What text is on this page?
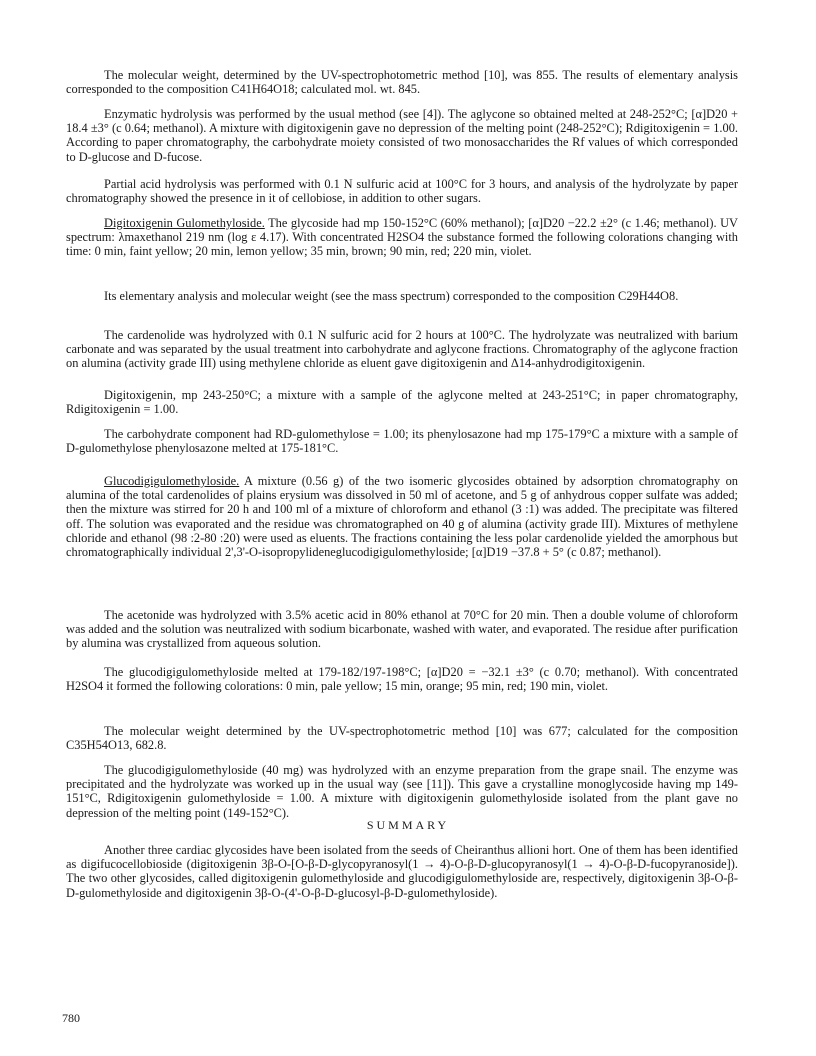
The molecular weight, determined by the UV-spectrophotometric method [10], was 855. The results of elementary analysis corresponded to the composition C41H64O18; calculated mol. wt. 845.

Enzymatic hydrolysis was performed by the usual method (see [4]). The aglycone so obtained melted at 248-252°C; [α]D20 + 18.4 ±3° (c 0.64; methanol). A mixture with digitoxigenin gave no depression of the melting point (248-252°C); Rdigitoxigenin = 1.00. According to paper chromatography, the carbohydrate moiety consisted of two monosaccharides the Rf values of which corresponded to D-glucose and D-fucose.

Partial acid hydrolysis was performed with 0.1 N sulfuric acid at 100°C for 3 hours, and analysis of the hydrolyzate by paper chromatography showed the presence in it of cellobiose, in addition to other sugars.

Digitoxigenin Gulomethyloside. The glycoside had mp 150-152°C (60% methanol); [α]D20 −22.2 ±2° (c 1.46; methanol). UV spectrum: λmaxethanol 219 nm (log ε 4.17). With concentrated H2SO4 the substance formed the following colorations changing with time: 0 min, faint yellow; 20 min, lemon yellow; 35 min, brown; 90 min, red; 220 min, violet.

Its elementary analysis and molecular weight (see the mass spectrum) corresponded to the composition C29H44O8.

The cardenolide was hydrolyzed with 0.1 N sulfuric acid for 2 hours at 100°C. The hydrolyzate was neutralized with barium carbonate and was separated by the usual treatment into carbohydrate and aglycone fractions. Chromatography of the aglycone fraction on alumina (activity grade III) using methylene chloride as eluent gave digitoxigenin and Δ14-anhydrodigitoxigenin.

Digitoxigenin, mp 243-250°C; a mixture with a sample of the aglycone melted at 243-251°C; in paper chromatography, Rdigitoxigenin = 1.00.

The carbohydrate component had RD-gulomethylose = 1.00; its phenylosazone had mp 175-179°C a mixture with a sample of D-gulomethylose phenylosazone melted at 175-181°C.

Glucodigigulomethyloside. A mixture (0.56 g) of the two isomeric glycosides obtained by adsorption chromatography on alumina of the total cardenolides of plains erysium was dissolved in 50 ml of acetone, and 5 g of anhydrous copper sulfate was added; then the mixture was stirred for 20 h and 100 ml of a mixture of chloroform and ethanol (3 :1) was added. The precipitate was filtered off. The solution was evaporated and the residue was chromatographed on 40 g of alumina (activity grade III). Mixtures of methylene chloride and ethanol (98 :2-80 :20) were used as eluents. The fractions containing the less polar cardenolide yielded the amorphous but chromatographically individual 2',3'-O-isopropylideneglucodigigulomethyloside; [α]D19 −37.8 + 5° (c 0.87; methanol).

The acetonide was hydrolyzed with 3.5% acetic acid in 80% ethanol at 70°C for 20 min. Then a double volume of chloroform was added and the solution was neutralized with sodium bicarbonate, washed with water, and evaporated. The residue after purification by alumina was crystallized from aqueous solution.

The glucodigigulomethyloside melted at 179-182/197-198°C; [α]D20 = −32.1 ±3° (c 0.70; methanol). With concentrated H2SO4 it formed the following colorations: 0 min, pale yellow; 15 min, orange; 95 min, red; 190 min, violet.

The molecular weight determined by the UV-spectrophotometric method [10] was 677; calculated for the composition C35H54O13, 682.8.

The glucodigigulomethyloside (40 mg) was hydrolyzed with an enzyme preparation from the grape snail. The enzyme was precipitated and the hydrolyzate was worked up in the usual way (see [11]). This gave a crystalline monoglycoside having mp 149-151°C, Rdigitoxigenin gulomethyloside = 1.00. A mixture with digitoxigenin gulomethyloside isolated from the plant gave no depression of the melting point (149-152°C).

SUMMARY

Another three cardiac glycosides have been isolated from the seeds of Cheiranthus allioni hort. One of them has been identified as digifucocellobioside (digitoxigenin 3β-O-[O-β-D-glycopyranosyl(1 → 4)-O-β-D-glucopyranosyl(1 → 4)-O-β-D-fucopyranoside]). The two other glycosides, called digitoxigenin gulomethyloside and glucodigigulomethyloside are, respectively, digitoxigenin 3β-O-β-D-gulomethyloside and digitoxigenin 3β-O-(4'-O-β-D-glucosyl-β-D-gulomethyloside).

780
